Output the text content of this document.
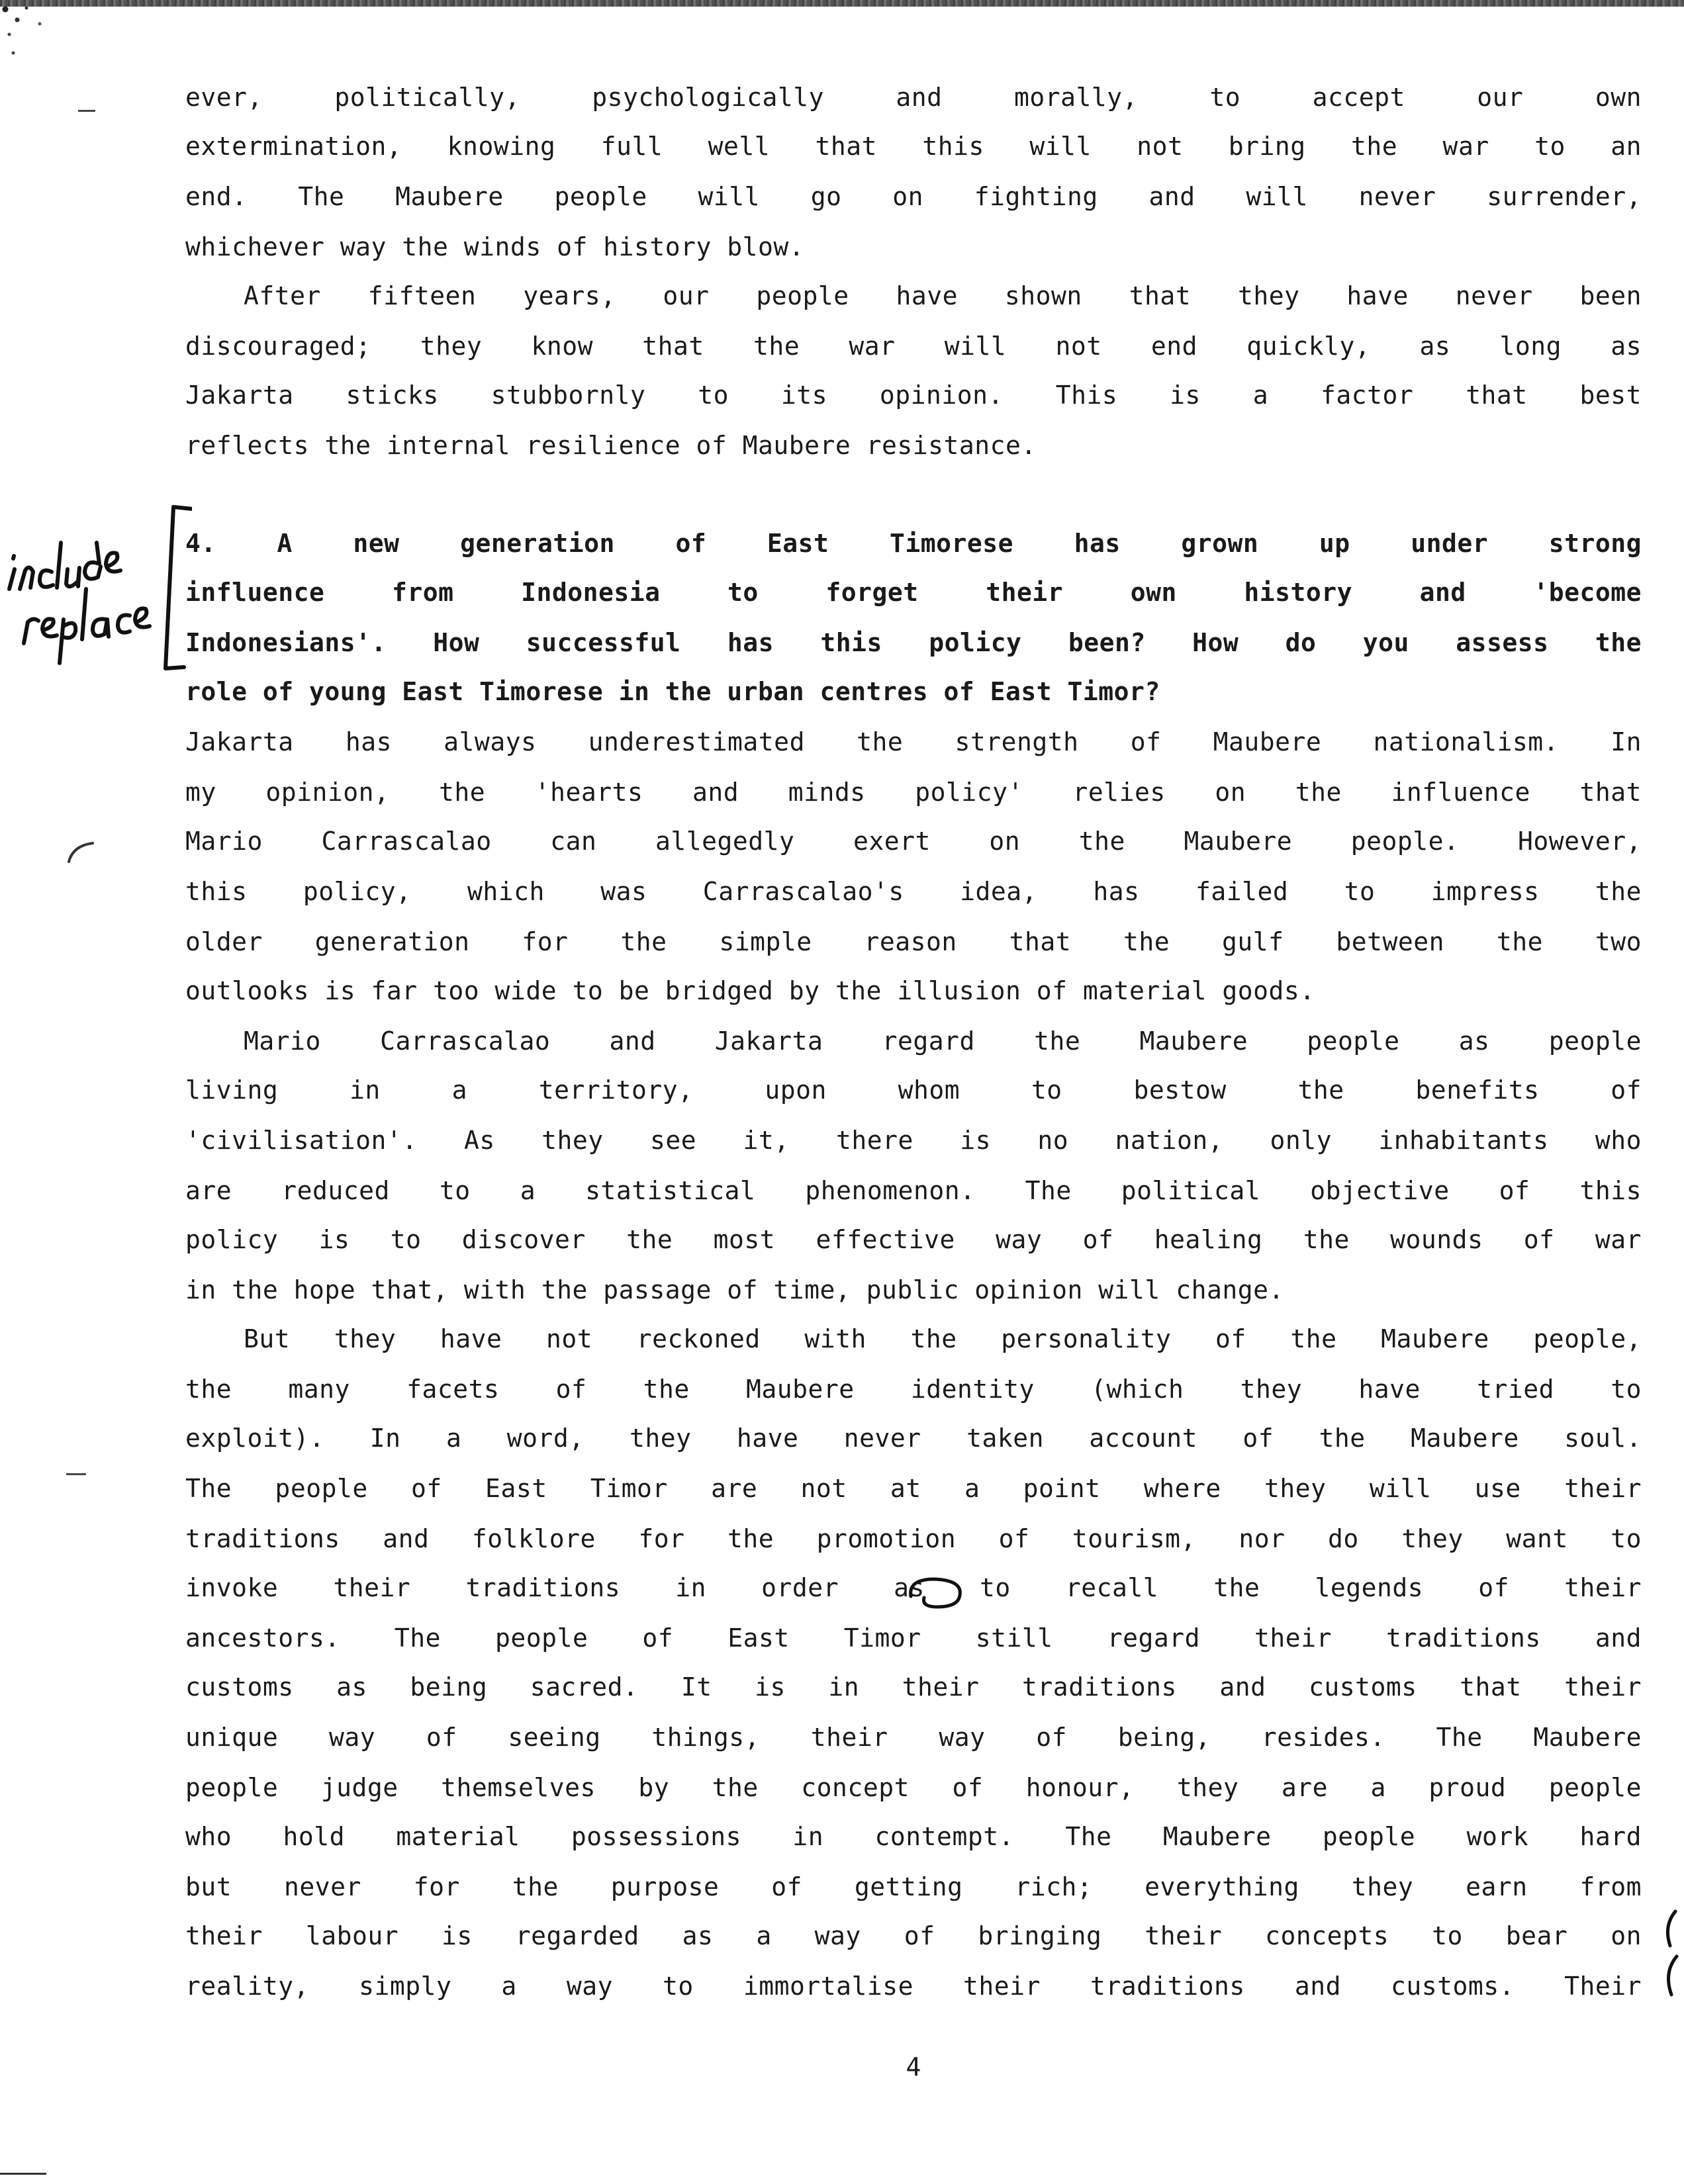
ever, politically, psychologically and morally, to accept our own
extermination, knowing full well that this will not bring the war to an
end. The Maubere people will go on fighting and will never surrender,
whichever way the winds of history blow.
After fifteen years, our people have shown that they have never been
discouraged; they know that the war will not end quickly, as long as
Jakarta sticks stubbornly to its opinion. This is a factor that best
reflects the internal resilience of Maubere resistance.
4. A new generation of East Timorese has grown up under strong
influence from Indonesia to forget their own history and 'become
Indonesians'. How successful has this policy been? How do you assess the
role of young East Timorese in the urban centres of East Timor?
Jakarta has always underestimated the strength of Maubere nationalism. In
my opinion, the 'hearts and minds policy' relies on the influence that
Mario Carrascalao can allegedly exert on the Maubere people. However,
this policy, which was Carrascalao's idea, has failed to impress the
older generation for the simple reason that the gulf between the two
outlooks is far too wide to be bridged by the illusion of material goods.
Mario Carrascalao and Jakarta regard the Maubere people as people
living in a territory, upon whom to bestow the benefits of
'civilisation'. As they see it, there is no nation, only inhabitants who
are reduced to a statistical phenomenon. The political objective of this
policy is to discover the most effective way of healing the wounds of war
in the hope that, with the passage of time, public opinion will change.
But they have not reckoned with the personality of the Maubere people,
the many facets of the Maubere identity (which they have tried to
exploit). In a word, they have never taken account of the Maubere soul.
The people of East Timor are not at a point where they will use their
traditions and folklore for the promotion of tourism, nor do they want to
invoke their traditions in order as to recall the legends of their
ancestors. The people of East Timor still regard their traditions and
customs as being sacred. It is in their traditions and customs that their
unique way of seeing things, their way of being, resides. The Maubere
people judge themselves by the concept of honour, they are a proud people
who hold material possessions in contempt. The Maubere people work hard
but never for the purpose of getting rich; everything they earn from
their labour is regarded as a way of bringing their concepts to bear on
reality, simply a way to immortalise their traditions and customs. Their
4
